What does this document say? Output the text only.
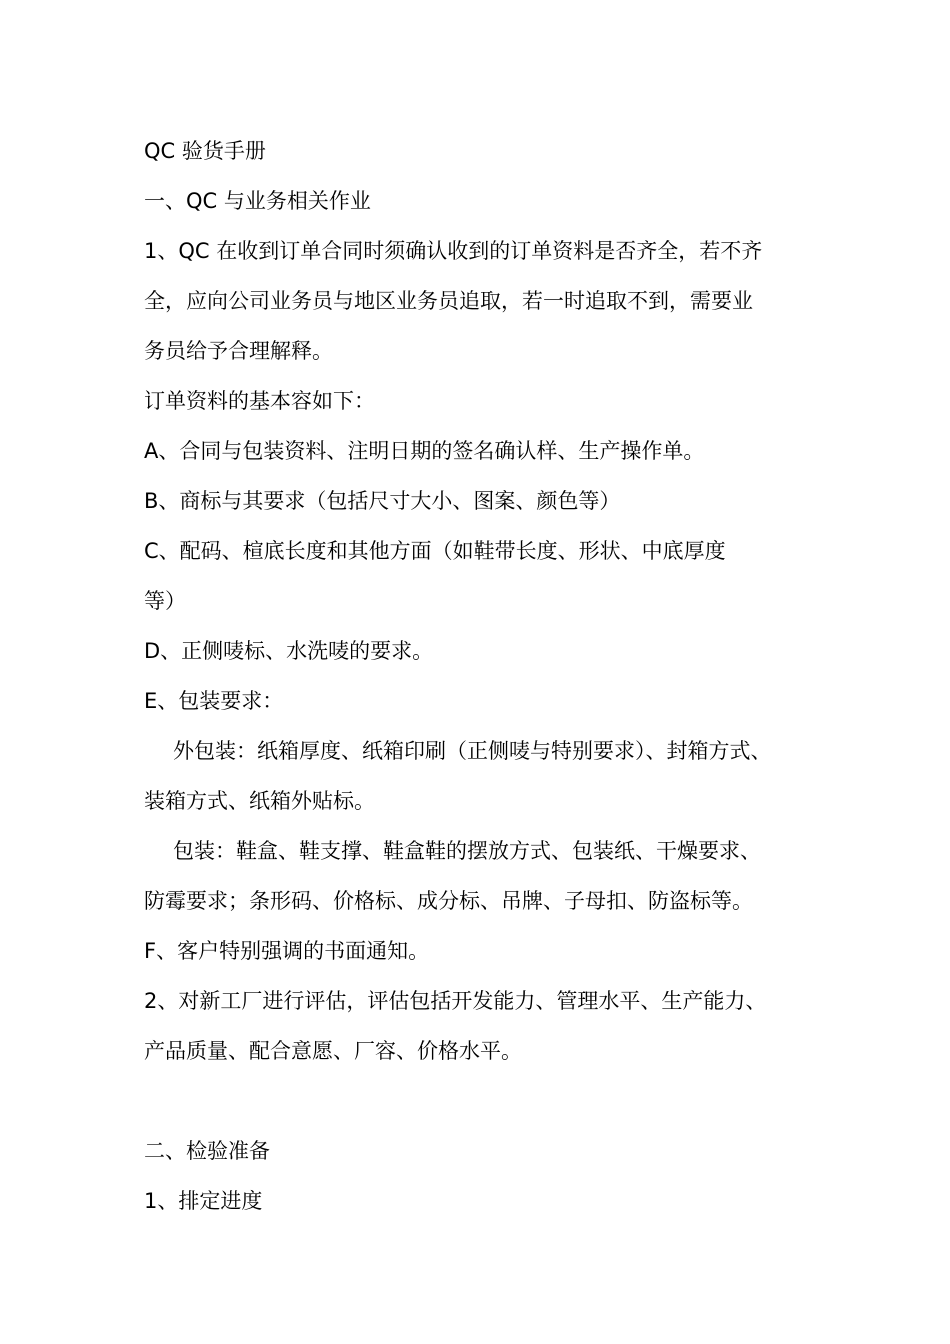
QC 验货手册

一、QC 与业务相关作业

1、QC 在收到订单合同时须确认收到的订单资料是否齐全，若不齐

全，应向公司业务员与地区业务员追取，若一时追取不到，需要业

务员给予合理解释。

订单资料的基本容如下：

A、合同与包装资料、注明日期的签名确认样、生产操作单。

B、商标与其要求（包括尺寸大小、图案、颜色等）

C、配码、楦底长度和其他方面（如鞋带长度、形状、中底厚度

等）

D、正侧唛标、水洗唛的要求。

E、包装要求：

外包装：纸箱厚度、纸箱印刷（正侧唛与特别要求）、封箱方式、

装箱方式、纸箱外贴标。

包装：鞋盒、鞋支撑、鞋盒鞋的摆放方式、包装纸、干燥要求、

防霉要求；条形码、价格标、成分标、吊牌、子母扣、防盗标等。

F、客户特别强调的书面通知。

2、对新工厂进行评估，评估包括开发能力、管理水平、生产能力、

产品质量、配合意愿、厂容、价格水平。

二、检验准备

1、排定进度
